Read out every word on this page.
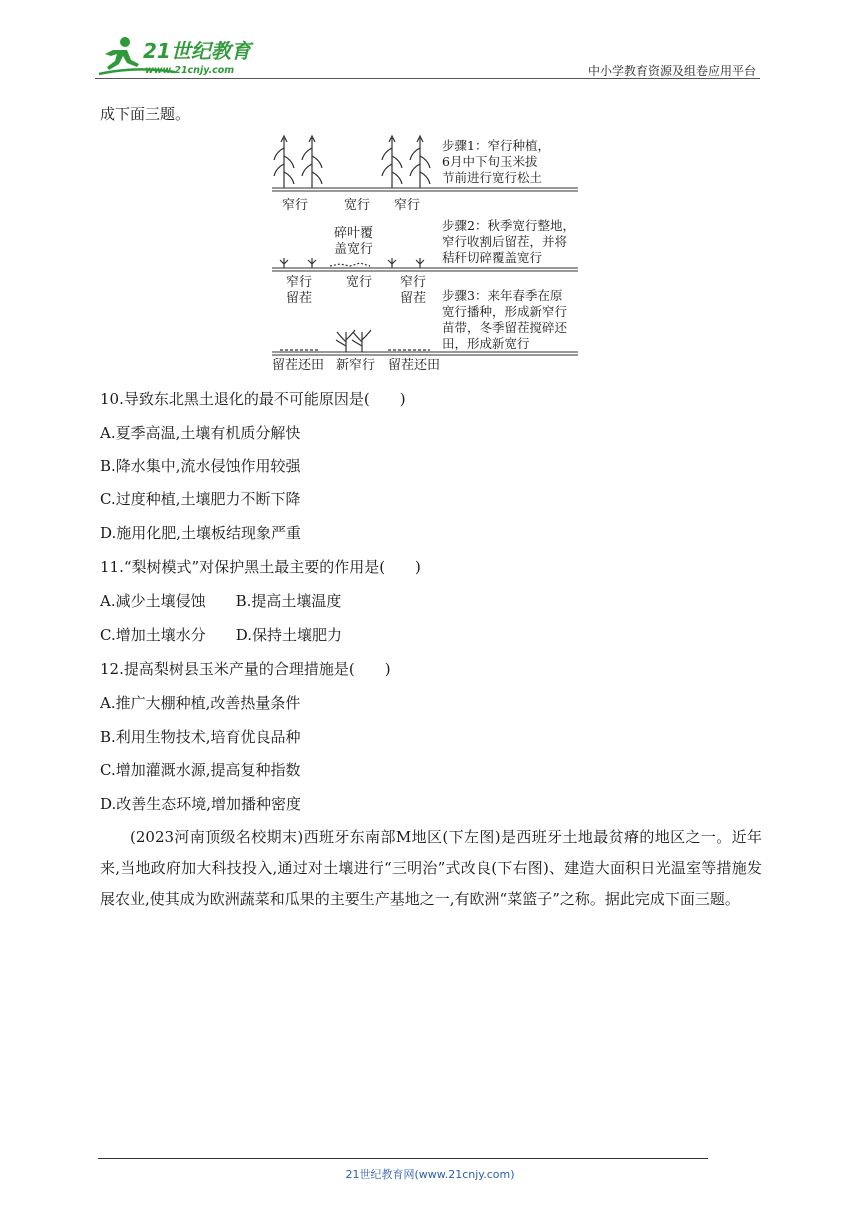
21世纪教育
www.21cnjy.com	中小学教育资源及组卷应用平台
成下面三题。
窄行	宽行 窄行
步骤1：窄行种植，
6月中下旬玉米拔
节前进行宽行松土
碎叶覆
盖宽行
窄行
留茬
宽行 窄行
留茬
步骤2：秋季宽行整地，
窄行收割后留茬，并将
秸秆切碎覆盖宽行
留茬还田 新窄行 留茬还田
步骤3：来年春季在原
宽行播种，形成新窄行
苗带，冬季留茬搅碎还
田，形成新宽行
10.导致东北黑土退化的最不可能原因是(　　)
A.夏季高温,土壤有机质分解快
B.降水集中,流水侵蚀作用较强
C.过度种植,土壤肥力不断下降
D.施用化肥,土壤板结现象严重
11.“梨树模式”对保护黑土最主要的作用是(　　)
A.减少土壤侵蚀　　B.提高土壤温度
C.增加土壤水分　　D.保持土壤肥力
12.提高梨树县玉米产量的合理措施是(　　)
A.推广大棚种植,改善热量条件
B.利用生物技术,培育优良品种
C.增加灌溉水源,提高复种指数
D.改善生态环境,增加播种密度
(2023河南顶级名校期末)西班牙东南部M地区(下左图)是西班牙土地最贫瘠的地区之一。近年来,当地政府加大科技投入,通过对土壤进行“三明治”式改良(下右图)、建造大面积日光温室等措施发展农业,使其成为欧洲蔬菜和瓜果的主要生产基地之一,有欧洲“菜篮子”之称。据此完成下面三题。
21世纪教育网(www.21cnjy.com)
